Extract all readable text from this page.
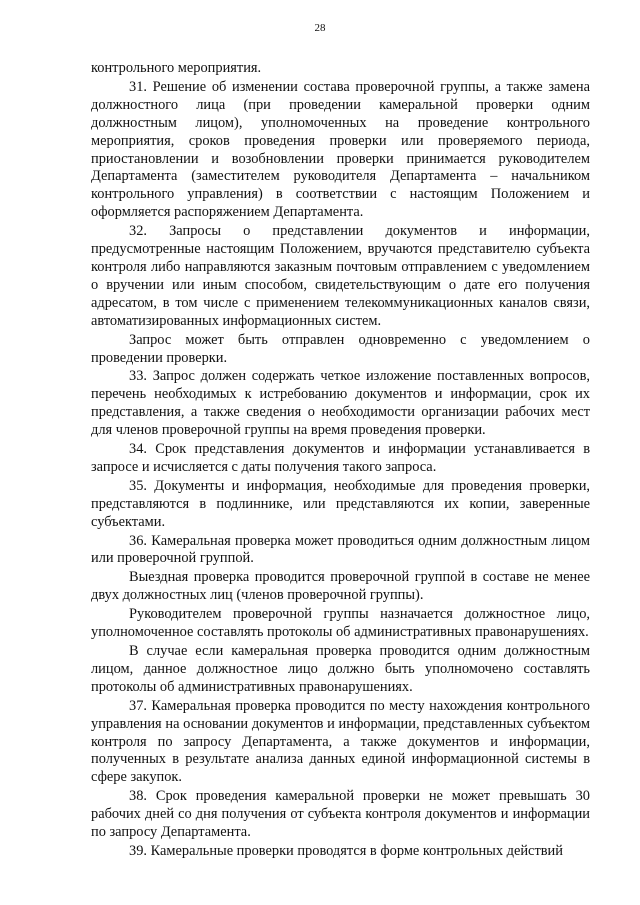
28

контрольного мероприятия.

31. Решение об изменении состава проверочной группы, а также замена должностного лица (при проведении камеральной проверки одним должностным лицом), уполномоченных на проведение контрольного мероприятия, сроков проведения проверки или проверяемого периода, приостановлении и возобновлении проверки принимается руководителем Департамента (заместителем руководителя Департамента – начальником контрольного управления) в соответствии с настоящим Положением и оформляется распоряжением Департамента.

32. Запросы о представлении документов и информации, предусмотренные настоящим Положением, вручаются представителю субъекта контроля либо направляются заказным почтовым отправлением с уведомлением о вручении или иным способом, свидетельствующим о дате его получения адресатом, в том числе с применением телекоммуникационных каналов связи, автоматизированных информационных систем.

Запрос может быть отправлен одновременно с уведомлением о проведении проверки.

33. Запрос должен содержать четкое изложение поставленных вопросов, перечень необходимых к истребованию документов и информации, срок их представления, а также сведения о необходимости организации рабочих мест для членов проверочной группы на время проведения проверки.

34. Срок представления документов и информации устанавливается в запросе и исчисляется с даты получения такого запроса.

35. Документы и информация, необходимые для проведения проверки, представляются в подлиннике, или представляются их копии, заверенные субъектами.

36. Камеральная проверка может проводиться одним должностным лицом или проверочной группой.

Выездная проверка проводится проверочной группой в составе не менее двух должностных лиц (членов проверочной группы).

Руководителем проверочной группы назначается должностное лицо, уполномоченное составлять протоколы об административных правонарушениях.

В случае если камеральная проверка проводится одним должностным лицом, данное должностное лицо должно быть уполномочено составлять протоколы об административных правонарушениях.

37. Камеральная проверка проводится по месту нахождения контрольного управления на основании документов и информации, представленных субъектом контроля по запросу Департамента, а также документов и информации, полученных в результате анализа данных единой информационной системы в сфере закупок.

38. Срок проведения камеральной проверки не может превышать 30 рабочих дней со дня получения от субъекта контроля документов и информации по запросу Департамента.

39. Камеральные проверки проводятся в форме контрольных действий
